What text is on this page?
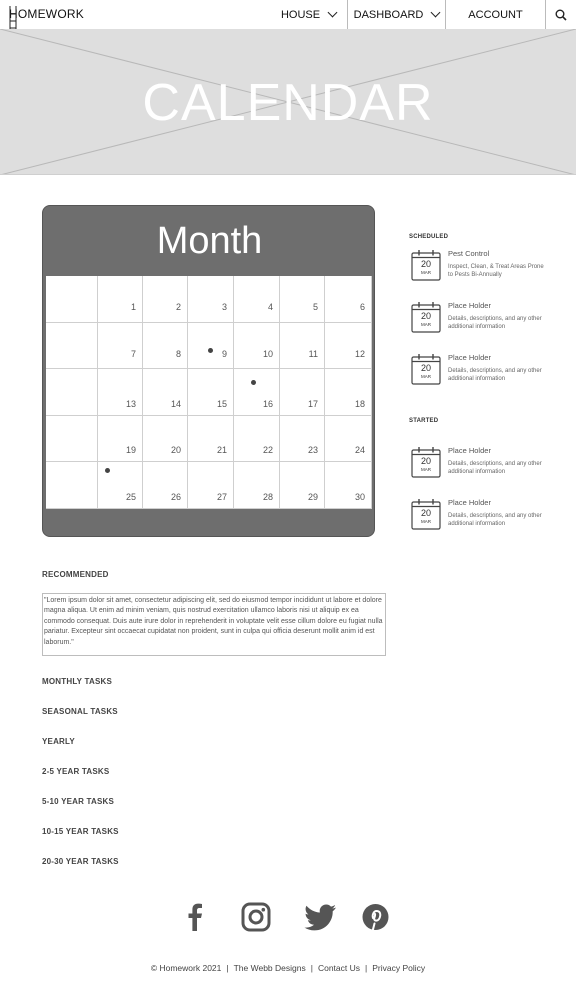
HOMEWORK	HOUSE	DASHBOARD	ACCOUNT
CALENDAR
Month
1	2	3	4	5	6
7	8	9	10	11	12
13	14	15	16	17	18
19	20	21	22	23	24
25	26	27	28	29	30
SCHEDULED
STARTED
20
MAR
Pest Control
Inspect, Clean, & Treat Areas Prone to Pests Bi-Annually
20
MAR
Place Holder
Details, descriptions, and any other additional information
20
MAR
Place Holder
Details, descriptions, and any other additional information
20
MAR
Place Holder
Details, descriptions, and any other additional information
20
MAR
Place Holder
Details, descriptions, and any other additional information
RECOMMENDED
"Lorem ipsum dolor sit amet, consectetur adipiscing elit, sed do eiusmod tempor incididunt ut labore et dolore magna aliqua. Ut enim ad minim veniam, quis nostrud exercitation ullamco laboris nisi ut aliquip ex ea commodo consequat. Duis aute irure dolor in reprehenderit in voluptate velit esse cillum dolore eu fugiat nulla pariatur. Excepteur sint occaecat cupidatat non proident, sunt in culpa qui officia deserunt mollit anim id est laborum."
MONTHLY TASKS
SEASONAL TASKS
YEARLY
2-5 YEAR TASKS
5-10 YEAR TASKS
10-15 YEAR TASKS
20-30 YEAR TASKS
© Homework 2021 | The Webb Designs | Contact Us | Privacy Policy
